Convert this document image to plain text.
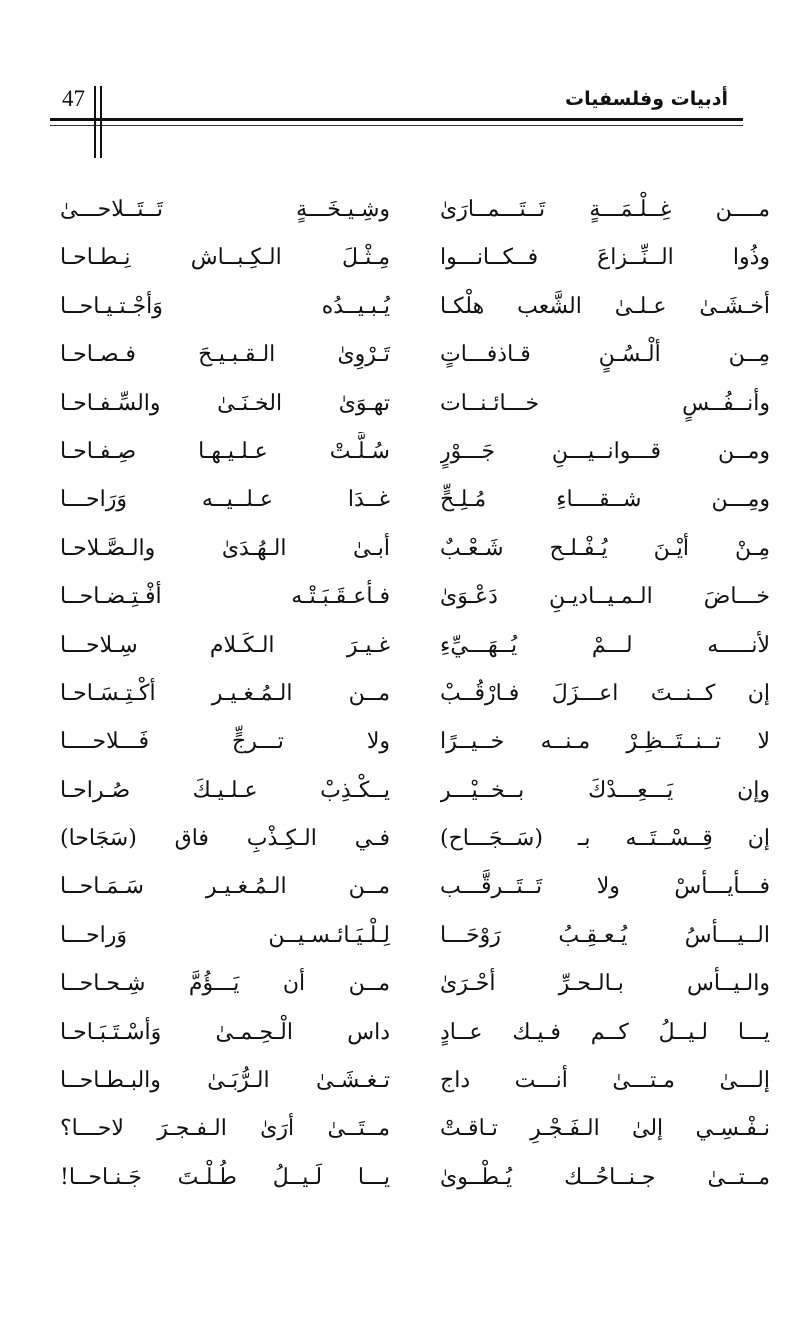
أدبيات وفلسفيات
47
مــــن غِــلْـمَـــةٍ تَــتَـــمــارَىٰ
وشِـيـخَـــةٍ تَــتَــلاحـــىٰ
وذُوا الــنِّــزاعَ فــكــانـــوا
مِـثْـلَ الـكِـبــاش نِـطـاحـا
أخـشَـىٰ عـلـىٰ الشَّعب هلْكـا
يُـبـيــدُه وَأجْـتـيـاحــا
مِــن ألْـسُـنٍ قـاذفـــاتٍ
تَـرْوِىٰ الـقـبـيـحَ فـصـاحـا
وأنــفُــسٍ خـــائـنــات
تهـوَىٰ الخـنَـىٰ والسِّـفـاحـا
ومــن قـــوانــيـــنِ جَـــوْرٍ
سُـلَّـتْ عـلـيـهـا صِـفـاحـا
ومِـــن شــقــــاءِ مُـلِـحٍّ
غــدَا عـلــيــه وَرَاحـــا
مِـنْ أيْـنَ يُـفْـلـح شَـعْـبٌ
أبـىٰ الـهُـدَىٰ والـصَّـلاحـا
خـــاضَ الـمـيــاديـنِ دَعْـوَىٰ
فـأعـقَـبَـتْـه أفْـتِـضـاحــا
لأنـــــه لـــمْ يُــهَـــيِّءِ
غـيـرَ الـكَـلام سِـلاحـــا
إن كــنــتَ اعـــزَلَ فـارْقُــبْ
مــن الـمُـغـيـر أكْـتِـسَـاحـا
لا تــنــتَــظِـرْ مـنــه خــيــرًا
ولا تـــرجٍّ فَـــلاحــــا
وإن يَـــعِـــدْكَ بــخــيْـــر
يــكْـذِبْ عـلـيـكَ صُـراحـا
إن قِــسْــتَــه بـ (سَــجَـــاح)
فـي الـكِـذْبِ فاق (سَجَاحا)
فـــأيـــأسْ ولا تَــتَــرقَّـــب
مــن الـمُـغـيـر سَـمَـاحــا
الــيـــأسُ يُـعـقِـبُ رَوْحَـــا
لِـلْـيَـائـسـيــن وَراحـــا
والـيــأس بـالـحـرِّ أحْـرَىٰ
مــن أن يَـــؤُمَّ شِـحـاحــا
يـــا لـيــلُ كــم فـيـك عــادٍ
داس الْـحِـمـىٰ وَأسْـتَـبَـاحـا
إلـــىٰ مـتـــىٰ أنـــت داج
تـغـشَـىٰ الـرُّبَـىٰ والبـطـاحــا
نـفْـسِـي إلىٰ الـفَـجْـرِ تـاقـتْ
مــتَــىٰ أرَىٰ الـفـجـرَ لاحـــا؟
مــتــىٰ جـنــاحُــك يُـطْــوىٰ
يـــا لَـيــلُ طُـلْـتَ جَـنـاحــا!
